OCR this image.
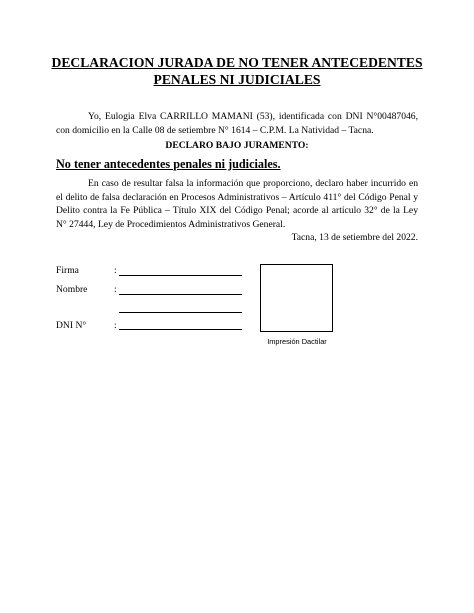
DECLARACION JURADA DE NO TENER ANTECEDENTES

PENALES NI JUDICIALES

Yo, Eulogia Elva CARRILLO MAMANI (53), identificada con DNI N°00487046, con domicilio en la Calle 08 de setiembre N° 1614 – C.P.M. La Natividad – Tacna.

DECLARO BAJO JURAMENTO:

No tener antecedentes penales ni judiciales.

En caso de resultar falsa la información que proporciono, declaro haber incurrido en el delito de falsa declaración en Procesos Administrativos – Artículo 411° del Código Penal y Delito contra la Fe Pública – Título XIX del Código Penal; acorde al artículo 32° de la Ley N° 27444, Ley de Procedimientos Administrativos General.

Tacna, 13 de setiembre del 2022.

Firma	:
Nombre	:
DNI N°	:
Impresión Dactilar
